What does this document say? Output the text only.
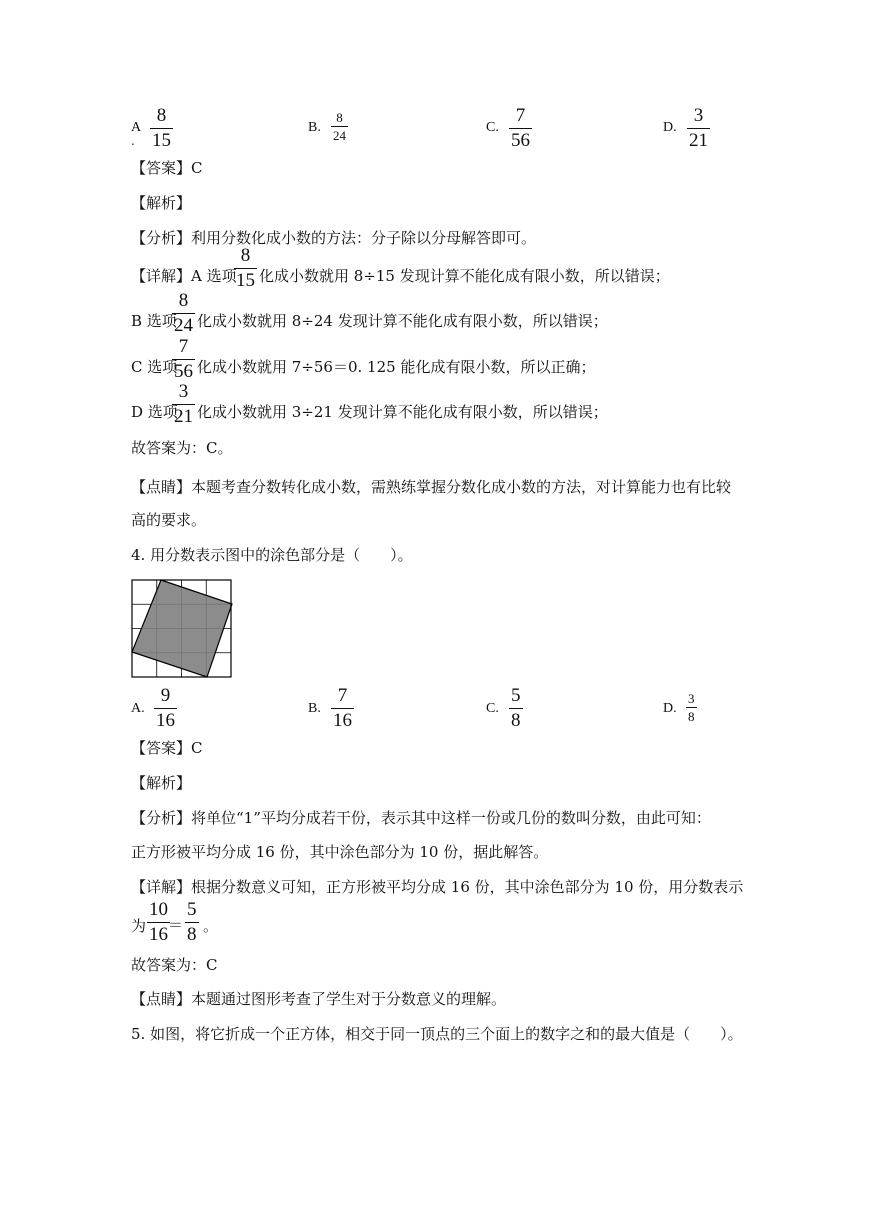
A
.
8
15
B.
8
24
C.
7
56
D.
3
21
【答案】C
【解析】
【分析】利用分数化成小数的方法：分子除以分母解答即可。
【详解】A 选项
8
15 化成小数就用 8÷15 发现计算不能化成有限小数，所以错误；
B 选项
8
24 化成小数就用 8÷24 发现计算不能化成有限小数，所以错误；
C 选项
7
56 化成小数就用 7÷56＝0. 125 能化成有限小数，所以正确；
D 选项
3
21 化成小数就用 3÷21 发现计算不能化成有限小数，所以错误；
故答案为：C。
【点睛】本题考查分数转化成小数，需熟练掌握分数化成小数的方法，对计算能力也有比较
高的要求。
4. 用分数表示图中的涂色部分是（　　）。
A.
9
16
B.
7
16
C.
5
8
D.
3
8
【答案】C
【解析】
【分析】将单位“1”平均分成若干份，表示其中这样一份或几份的数叫分数，由此可知：
正方形被平均分成 16 份，其中涂色部分为 10 份，据此解答。
【详解】根据分数意义可知，正方形被平均分成 16 份，其中涂色部分为 10 份，用分数表示
为
10
16 ＝
5
8 。
故答案为：C
【点睛】本题通过图形考查了学生对于分数意义的理解。
5. 如图，将它折成一个正方体，相交于同一顶点的三个面上的数字之和的最大值是（　　）。
